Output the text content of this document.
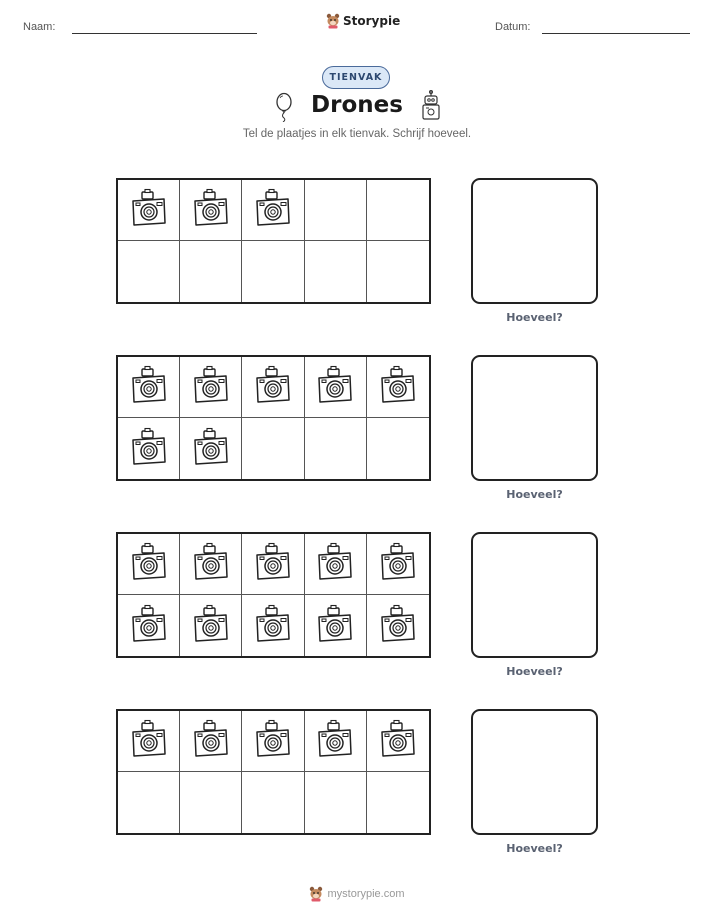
Naam:	Storypie	Datum:
TIENVAK
Drones
Tel de plaatjes in elk tienvak. Schrijf hoeveel.
Hoeveel?
Hoeveel?
Hoeveel?
Hoeveel?
mystorypie.com
